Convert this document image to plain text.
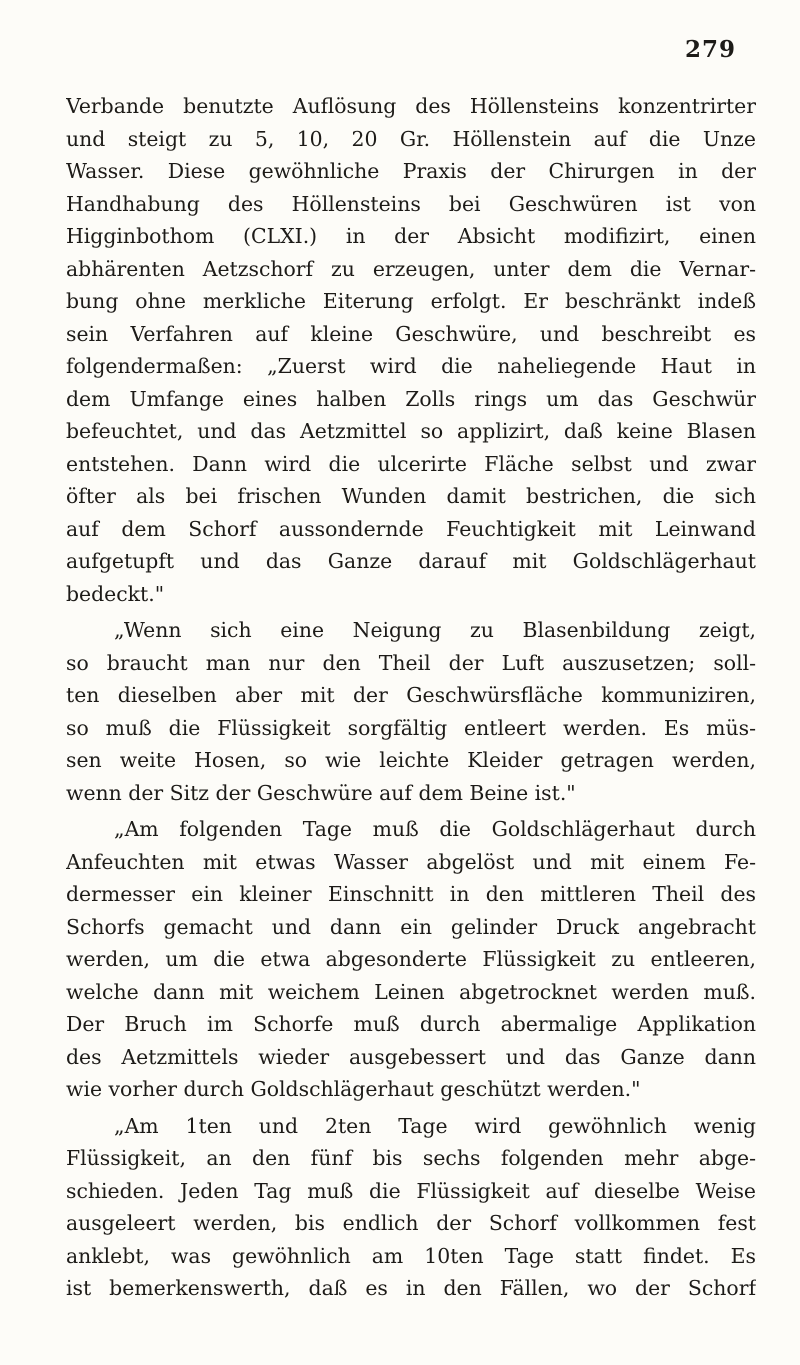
279
Verbande benutzte Auflösung des Höllensteins konzentrirter
und steigt zu 5, 10, 20 Gr. Höllenstein auf die Unze
Wasser. Diese gewöhnliche Praxis der Chirurgen in der
Handhabung des Höllensteins bei Geschwüren ist von
Higginbothom (CLXI.) in der Absicht modifizirt, einen
abhärenten Aetzschorf zu erzeugen, unter dem die Vernar-
bung ohne merkliche Eiterung erfolgt. Er beschränkt indeß
sein Verfahren auf kleine Geschwüre, und beschreibt es
folgendermaßen: „Zuerst wird die naheliegende Haut in
dem Umfange eines halben Zolls rings um das Geschwür
befeuchtet, und das Aetzmittel so applizirt, daß keine Blasen
entstehen. Dann wird die ulcerirte Fläche selbst und zwar
öfter als bei frischen Wunden damit bestrichen, die sich
auf dem Schorf aussondernde Feuchtigkeit mit Leinwand
aufgetupft und das Ganze darauf mit Goldschlägerhaut
bedeckt."
„Wenn sich eine Neigung zu Blasenbildung zeigt,
so braucht man nur den Theil der Luft auszusetzen; soll-
ten dieselben aber mit der Geschwürsfläche kommuniziren,
so muß die Flüssigkeit sorgfältig entleert werden. Es müs-
sen weite Hosen, so wie leichte Kleider getragen werden,
wenn der Sitz der Geschwüre auf dem Beine ist."
„Am folgenden Tage muß die Goldschlägerhaut durch
Anfeuchten mit etwas Wasser abgelöst und mit einem Fe-
dermesser ein kleiner Einschnitt in den mittleren Theil des
Schorfs gemacht und dann ein gelinder Druck angebracht
werden, um die etwa abgesonderte Flüssigkeit zu entleeren,
welche dann mit weichem Leinen abgetrocknet werden muß.
Der Bruch im Schorfe muß durch abermalige Applikation
des Aetzmittels wieder ausgebessert und das Ganze dann
wie vorher durch Goldschlägerhaut geschützt werden."
„Am 1ten und 2ten Tage wird gewöhnlich wenig
Flüssigkeit, an den fünf bis sechs folgenden mehr abge-
schieden. Jeden Tag muß die Flüssigkeit auf dieselbe Weise
ausgeleert werden, bis endlich der Schorf vollkommen fest
anklebt, was gewöhnlich am 10ten Tage statt findet. Es
ist bemerkenswerth, daß es in den Fällen, wo der Schorf
